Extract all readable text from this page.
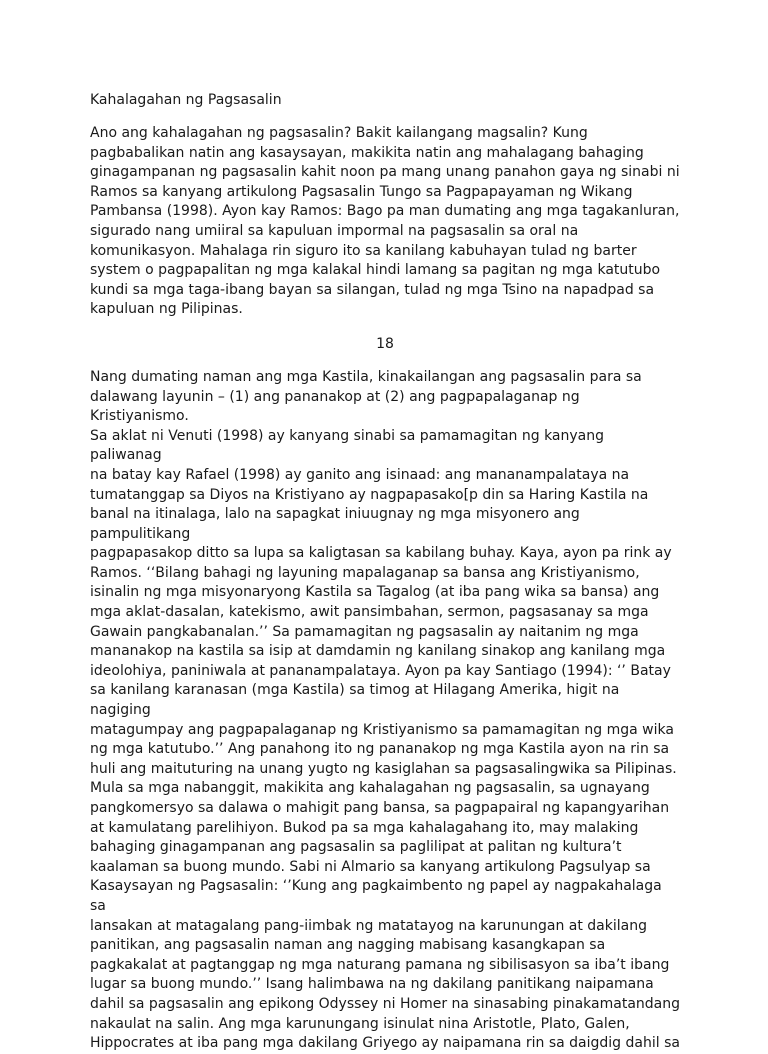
Kahalagahan ng Pagsasalin

Ano ang kahalagahan ng pagsasalin? Bakit kailangang magsalin? Kung
pagbabalikan natin ang kasaysayan, makikita natin ang mahalagang bahaging
ginagampanan ng pagsasalin kahit noon pa mang unang panahon gaya ng sinabi ni
Ramos sa kanyang artikulong Pagsasalin Tungo sa Pagpapayaman ng Wikang
Pambansa (1998). Ayon kay Ramos: Bago pa man dumating ang mga tagakanluran,
sigurado nang umiiral sa kapuluan impormal na pagsasalin sa oral na
komunikasyon. Mahalaga rin siguro ito sa kanilang kabuhayan tulad ng barter
system o pagpapalitan ng mga kalakal hindi lamang sa pagitan ng mga katutubo
kundi sa mga taga-ibang bayan sa silangan, tulad ng mga Tsino na napadpad sa
kapuluan ng Pilipinas.

18

Nang dumating naman ang mga Kastila, kinakailangan ang pagsasalin para sa
dalawang layunin – (1) ang pananakop at (2) ang pagpapalaganap ng Kristiyanismo.
Sa aklat ni Venuti (1998) ay kanyang sinabi sa pamamagitan ng kanyang paliwanag
na batay kay Rafael (1998) ay ganito ang isinaad: ang mananampalataya na
tumatanggap sa Diyos na Kristiyano ay nagpapasako[p din sa Haring Kastila na
banal na itinalaga, lalo na sapagkat iniuugnay ng mga misyonero ang pampulitikang
pagpapasakop ditto sa lupa sa kaligtasan sa kabilang buhay. Kaya, ayon pa rink ay
Ramos. ‘‘Bilang bahagi ng layuning mapalaganap sa bansa ang Kristiyanismo,
isinalin ng mga misyonaryong Kastila sa Tagalog (at iba pang wika sa bansa) ang
mga aklat-dasalan, katekismo, awit pansimbahan, sermon, pagsasanay sa mga
Gawain pangkabanalan.’’ Sa pamamagitan ng pagsasalin ay naitanim ng mga
mananakop na kastila sa isip at damdamin ng kanilang sinakop ang kanilang mga
ideolohiya, paniniwala at pananampalataya. Ayon pa kay Santiago (1994): ‘’ Batay
sa kanilang karanasan (mga Kastila) sa timog at Hilagang Amerika, higit na nagiging
matagumpay ang pagpapalaganap ng Kristiyanismo sa pamamagitan ng mga wika
ng mga katutubo.’’ Ang panahong ito ng pananakop ng mga Kastila ayon na rin sa
huli ang maituturing na unang yugto ng kasiglahan sa pagsasalingwika sa Pilipinas.
Mula sa mga nabanggit, makikita ang kahalagahan ng pagsasalin, sa ugnayang
pangkomersyo sa dalawa o mahigit pang bansa, sa pagpapairal ng kapangyarihan
at kamulatang parelihiyon. Bukod pa sa mga kahalagahang ito, may malaking
bahaging ginagampanan ang pagsasalin sa paglilipat at palitan ng kultura’t
kaalaman sa buong mundo. Sabi ni Almario sa kanyang artikulong Pagsulyap sa
Kasaysayan ng Pagsasalin: ‘’Kung ang pagkaimbento ng papel ay nagpakahalaga sa
lansakan at matagalang pang-iimbak ng matatayog na karunungan at dakilang
panitikan, ang pagsasalin naman ang nagging mabisang kasangkapan sa
pagkakalat at pagtanggap ng mga naturang pamana ng sibilisasyon sa iba’t ibang
lugar sa buong mundo.’’ Isang halimbawa na ng dakilang panitikang naipamana
dahil sa pagsasalin ang epikong Odyssey ni Homer na sinasabing pinakamatandang
nakaulat na salin. Ang mga karunungang isinulat nina Aristotle, Plato, Galen,
Hippocrates at iba pang mga dakilang Griyego ay naipamana rin sa daigdig dahil sa
